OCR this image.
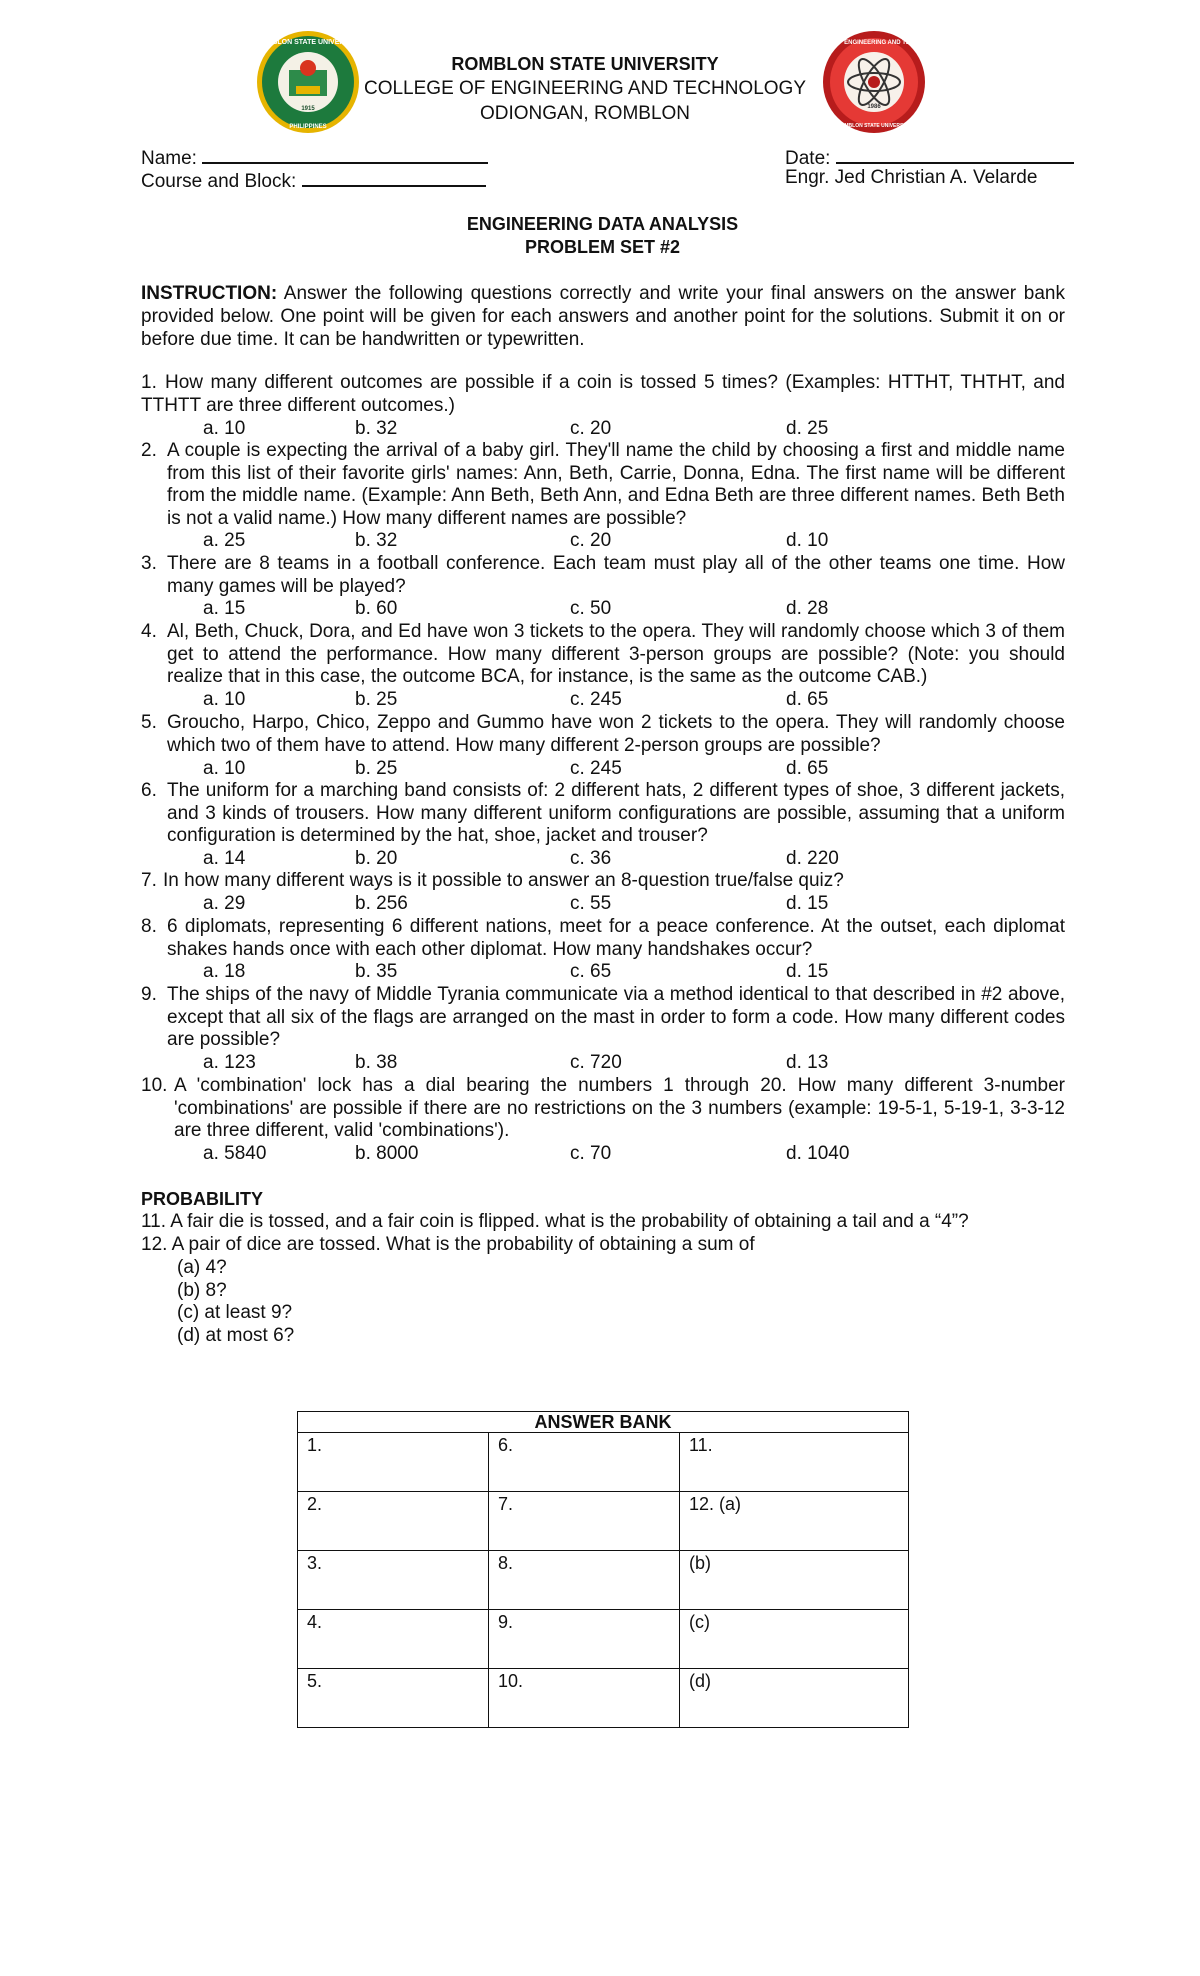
ROMBLON STATE UNIVERSITY
PHILIPPINES
1915
COLLEGE OF ENGINEERING AND TECHNOLOGY
ROMBLON STATE UNIVERSITY
1986
ROMBLON STATE UNIVERSITY
COLLEGE OF ENGINEERING AND TECHNOLOGY
ODIONGAN, ROMBLON
Name:
Course and Block:
Date:
Engr. Jed Christian A. Velarde
ENGINEERING DATA ANALYSIS
PROBLEM SET #2
INSTRUCTION: Answer the following questions correctly and write your final answers on the answer bank provided below. One point will be given for each answers and another point for the solutions. Submit it on or before due time. It can be handwritten or typewritten.
1. How many different outcomes are possible if a coin is tossed 5 times? (Examples: HTTHT, THTHT, and TTHTT are three different outcomes.)
a. 10	b. 32	c. 20	d. 25
2. A couple is expecting the arrival of a baby girl. They'll name the child by choosing a first and middle name from this list of their favorite girls' names: Ann, Beth, Carrie, Donna, Edna. The first name will be different from the middle name. (Example: Ann Beth, Beth Ann, and Edna Beth are three different names. Beth Beth is not a valid name.) How many different names are possible?
a. 25	b. 32	c. 20	d. 10
3. There are 8 teams in a football conference. Each team must play all of the other teams one time. How many games will be played?
a. 15	b. 60	c. 50	d. 28
4. Al, Beth, Chuck, Dora, and Ed have won 3 tickets to the opera. They will randomly choose which 3 of them get to attend the performance. How many different 3-person groups are possible? (Note: you should realize that in this case, the outcome BCA, for instance, is the same as the outcome CAB.)
a. 10	b. 25	c. 245	d. 65
5. Groucho, Harpo, Chico, Zeppo and Gummo have won 2 tickets to the opera. They will randomly choose which two of them have to attend. How many different 2-person groups are possible?
a. 10	b. 25	c. 245	d. 65
6. The uniform for a marching band consists of: 2 different hats, 2 different types of shoe, 3 different jackets, and 3 kinds of trousers. How many different uniform configurations are possible, assuming that a uniform configuration is determined by the hat, shoe, jacket and trouser?
a. 14	b. 20	c. 36	d. 220
7. In how many different ways is it possible to answer an 8-question true/false quiz?
a. 29	b. 256	c. 55	d. 15
8. 6 diplomats, representing 6 different nations, meet for a peace conference. At the outset, each diplomat shakes hands once with each other diplomat. How many handshakes occur?
a. 18	b. 35	c. 65	d. 15
9. The ships of the navy of Middle Tyrania communicate via a method identical to that described in #2 above, except that all six of the flags are arranged on the mast in order to form a code. How many different codes are possible?
a. 123	b. 38	c. 720	d. 13
10. A 'combination' lock has a dial bearing the numbers 1 through 20. How many different 3-number 'combinations' are possible if there are no restrictions on the 3 numbers (example: 19-5-1, 5-19-1, 3-3-12 are three different, valid 'combinations').
a. 5840	b. 8000	c. 70	d. 1040
PROBABILITY
11. A fair die is tossed, and a fair coin is flipped. what is the probability of obtaining a tail and a “4”?
12. A pair of dice are tossed. What is the probability of obtaining a sum of
(a) 4?
(b) 8?
(c) at least 9?
(d) at most 6?
ANSWER BANK		
1.	6.	11.
2.	7.	12. (a)
3.	8.	(b)
4.	9.	(c)
5.	10.	(d)
